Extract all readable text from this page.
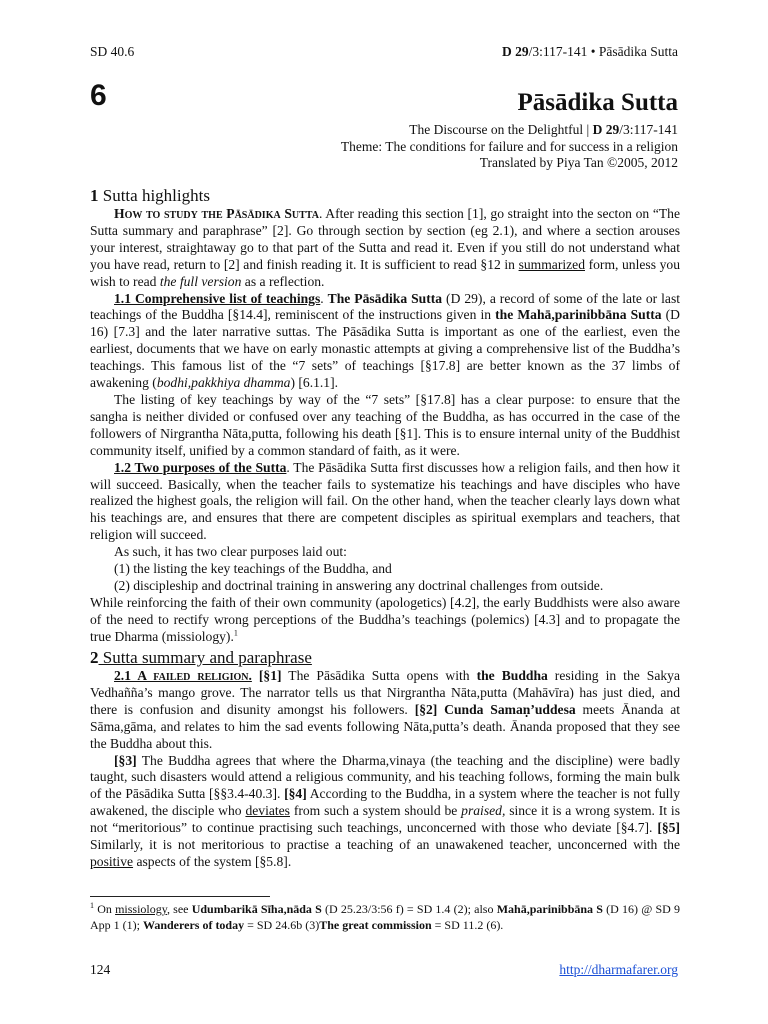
SD 40.6	D 29/3:117-141 • Pāsādika Sutta
6	Pāsādika Sutta
The Discourse on the Delightful | D 29/3:117-141
Theme: The conditions for failure and for success in a religion
Translated by Piya Tan ©2005, 2012
1 Sutta highlights

How to study the Pāsādika Sutta. After reading this section [1], go straight into the secton on “The Sutta summary and paraphrase” [2]. Go through section by section (eg 2.1), and where a section arouses your interest, straightaway go to that part of the Sutta and read it. Even if you still do not understand what you have read, return to [2] and finish reading it. It is sufficient to read §12 in summarized form, unless you wish to read the full version as a reflection.

1.1 Comprehensive list of teachings. The Pāsādika Sutta (D 29), a record of some of the late or last teachings of the Buddha [§14.4], reminiscent of the instructions given in the Mahā,parinibbāna Sutta (D 16) [7.3] and the later narrative suttas. The Pāsādika Sutta is important as one of the earliest, even the earliest, documents that we have on early monastic attempts at giving a comprehensive list of the Buddha’s teachings. This famous list of the “7 sets” of teachings [§17.8] are better known as the 37 limbs of awakening (bodhi,pakkhiya dhamma) [6.1.1].

The listing of key teachings by way of the “7 sets” [§17.8] has a clear purpose: to ensure that the sangha is neither divided or confused over any teaching of the Buddha, as has occurred in the case of the followers of Nirgrantha Nāta,putta, following his death [§1]. This is to ensure internal unity of the Buddhist community itself, unified by a common standard of faith, as it were.

1.2 Two purposes of the Sutta. The Pāsādika Sutta first discusses how a religion fails, and then how it will succeed. Basically, when the teacher fails to systematize his teachings and have disciples who have realized the highest goals, the religion will fail. On the other hand, when the teacher clearly lays down what his teachings are, and ensures that there are competent disciples as spiritual exemplars and teachers, that religion will succeed.

As such, it has two clear purposes laid out:

(1) the listing the key teachings of the Buddha, and

(2) discipleship and doctrinal training in answering any doctrinal challenges from outside.

While reinforcing the faith of their own community (apologetics) [4.2], the early Buddhists were also aware of the need to rectify wrong perceptions of the Buddha’s teachings (polemics) [4.3] and to propagate the true Dharma (missiology).$^1$

2 Sutta summary and paraphrase

2.1 A failed religion. [§1] The Pāsādika Sutta opens with the Buddha residing in the Sakya Vedhañña’s mango grove. The narrator tells us that Nirgrantha Nāta,putta (Mahāvīra) has just died, and there is confusion and disunity amongst his followers. [§2] Cunda Samaṇ’uddesa meets Ānanda at Sāma,gāma, and relates to him the sad events following Nāta,putta’s death. Ānanda proposed that they see the Buddha about this.

[§3] The Buddha agrees that where the Dharma,vinaya (the teaching and the discipline) were badly taught, such disasters would attend a religious community, and his teaching follows, forming the main bulk of the Pāsādika Sutta [§§3.4-40.3]. [§4] According to the Buddha, in a system where the teacher is not fully awakened, the disciple who deviates from such a system should be praised, since it is a wrong system. It is not “meritorious” to continue practising such teachings, unconcerned with those who deviate [§4.7]. [§5] Similarly, it is not meritorious to practise a teaching of an unawakened teacher, unconcerned with the positive aspects of the system [§5.8].

$^1$ On missiology, see Udumbarikā Sīha,nāda S (D 25.23/3:56 f) = SD 1.4 (2); also Mahā,parinibbāna S (D 16) @ SD 9 App 1 (1); Wanderers of today = SD 24.6b (3)The great commission = SD 11.2 (6).
124	http://dharmafarer.org
